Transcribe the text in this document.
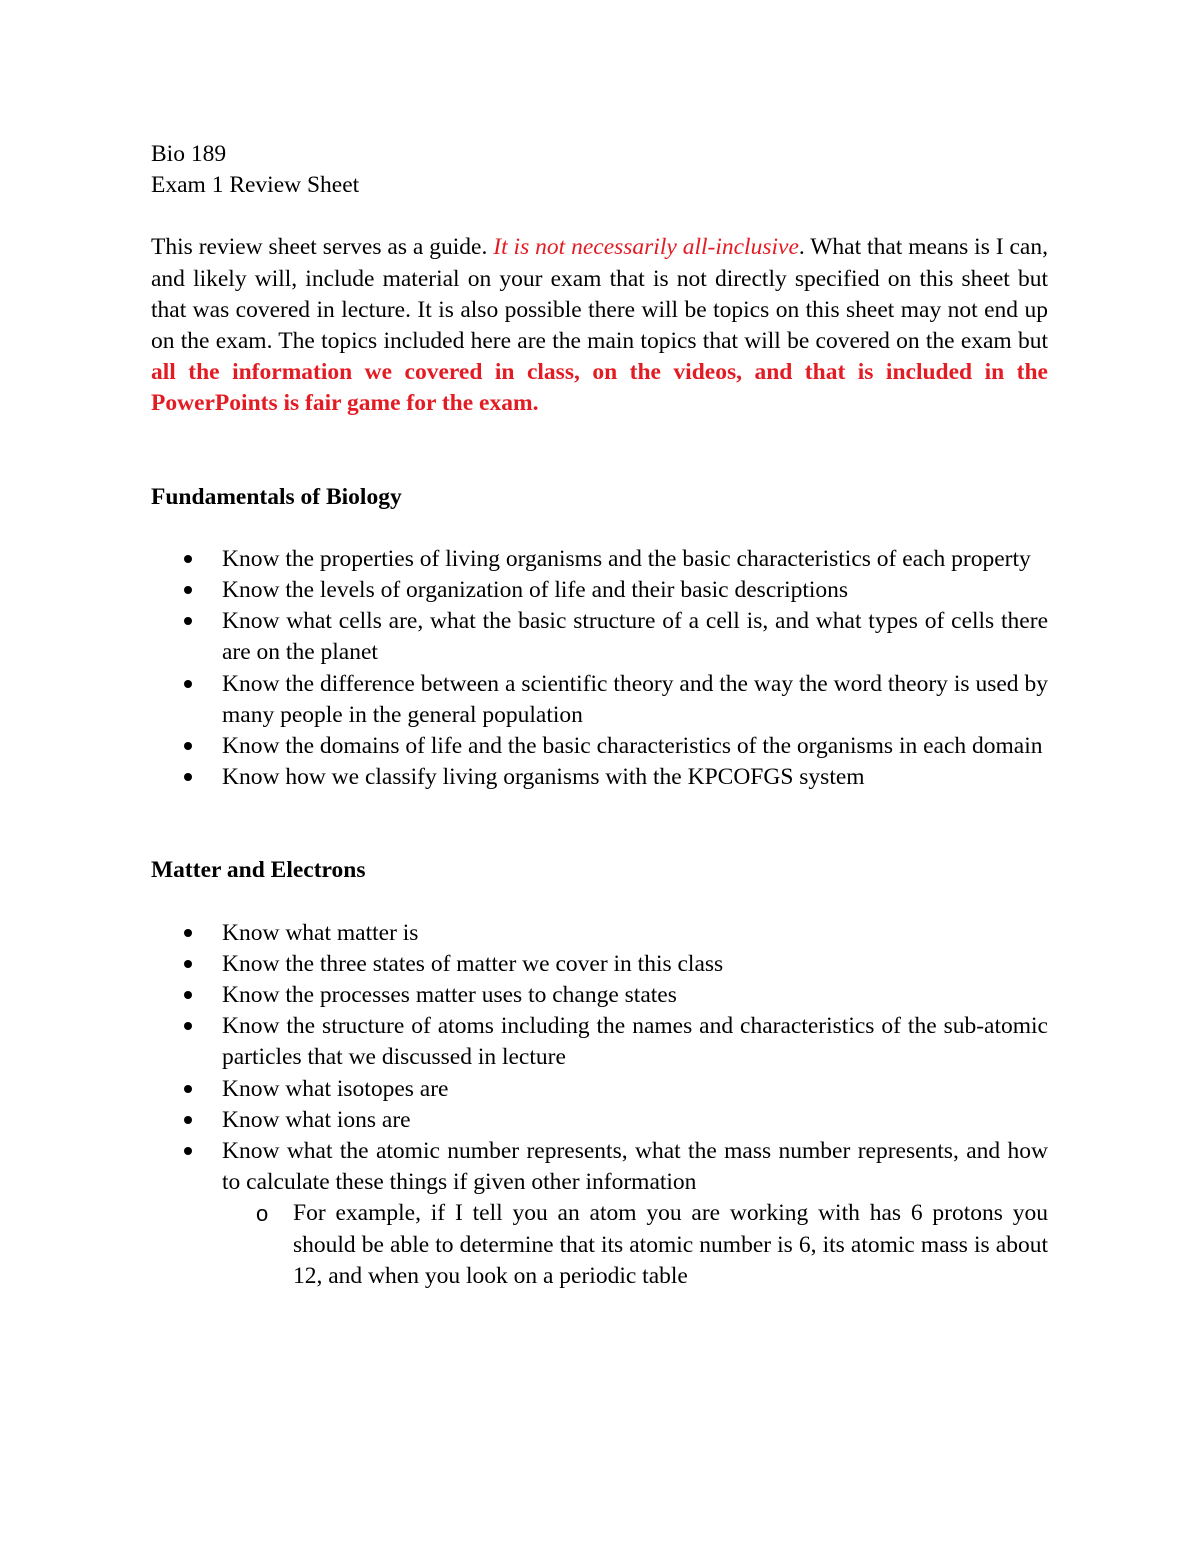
Bio 189
Exam 1 Review Sheet

This review sheet serves as a guide. It is not necessarily all-inclusive. What that means is I can, and likely will, include material on your exam that is not directly specified on this sheet but that was covered in lecture. It is also possible there will be topics on this sheet may not end up on the exam. The topics included here are the main topics that will be covered on the exam but all the information we covered in class, on the videos, and that is included in the PowerPoints is fair game for the exam.

Fundamentals of Biology
Know the properties of living organisms and the basic characteristics of each property
Know the levels of organization of life and their basic descriptions
Know what cells are, what the basic structure of a cell is, and what types of cells there are on the planet
Know the difference between a scientific theory and the way the word theory is used by many people in the general population
Know the domains of life and the basic characteristics of the organisms in each domain
Know how we classify living organisms with the KPCOFGS system
Matter and Electrons
Know what matter is
Know the three states of matter we cover in this class
Know the processes matter uses to change states
Know the structure of atoms including the names and characteristics of the sub-atomic particles that we discussed in lecture
Know what isotopes are
Know what ions are
Know what the atomic number represents, what the mass number represents, and how to calculate these things if given other information
o For example, if I tell you an atom you are working with has 6 protons you should be able to determine that its atomic number is 6, its atomic mass is about 12, and when you look on a periodic table
